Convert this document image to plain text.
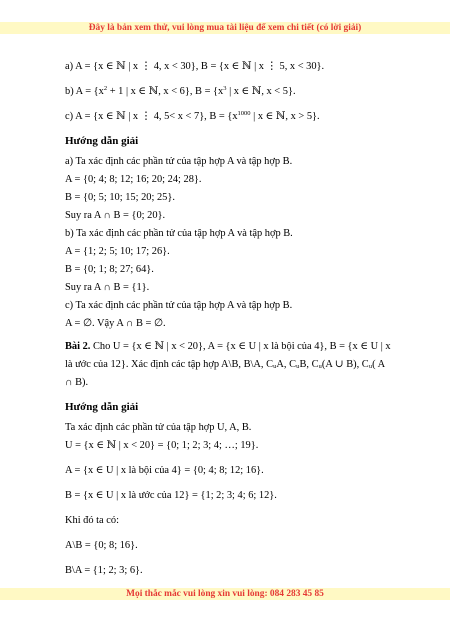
Đây là bản xem thử, vui lòng mua tài liệu để xem chi tiết (có lời giải)
a) A = {x ∈ ℕ | x ⋮ 4, x < 30}, B = {x ∈ ℕ | x ⋮ 5, x < 30}.
b) $A = \{x^2 + 1$ | x ∈ ℕ, x < 6}, $B = \{x^3$ | x ∈ ℕ, x < 5}.
c) A = {x ∈ ℕ | x ⋮ 4, 5< x < 7}, $B = \{x^{1000}$ | x ∈ ℕ, x > 5}.
Hướng dẫn giải
a) Ta xác định các phần tử của tập hợp A và tập hợp B.
A = {0; 4; 8; 12; 16; 20; 24; 28}.
B = {0; 5; 10; 15; 20; 25}.
Suy ra A ∩ B = {0; 20}.
b) Ta xác định các phần tử của tập hợp A và tập hợp B.
A = {1; 2; 5; 10; 17; 26}.
B = {0; 1; 8; 27; 64}.
Suy ra A ∩ B = {1}.
c) Ta xác định các phần tử của tập hợp A và tập hợp B.
A = ∅. Vậy A ∩ B = ∅.
Bài 2. Cho U = {x ∈ ℕ | x < 20}, A = {x ∈ U | x là bội của 4}, B = {x ∈ U | x
là ước của 12}. Xác định các tập hợp A\B, B\A, CᵤA, CᵤB, Cᵤ(A ∪ B), Cᵤ( A
∩ B).
Hướng dẫn giải
Ta xác định các phần tử của tập hợp U, A, B.
U = {x ∈ ℕ | x < 20} = {0; 1; 2; 3; 4; …; 19}.
A = {x ∈ U | x là bội của 4} = {0; 4; 8; 12; 16}.
B = {x ∈ U | x là ước của 12} = {1; 2; 3; 4; 6; 12}.
Khi đó ta có:
A\B = {0; 8; 16}.
B\A = {1; 2; 3; 6}.
Mọi thắc mắc vui lòng xin vui lòng: 084 283 45 85
